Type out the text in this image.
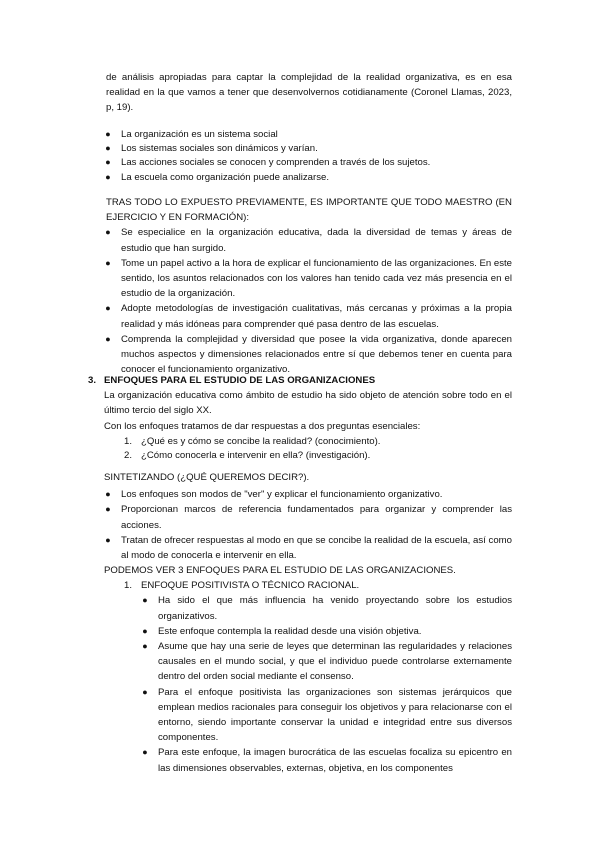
de análisis apropiadas para captar la complejidad de la realidad organizativa, es en esa realidad en la que vamos a tener que desenvolvernos cotidianamente (Coronel Llamas, 2023, p, 19).

● La organización es un sistema social

● Los sistemas sociales son dinámicos y varían.

● Las acciones sociales se conocen y comprenden a través de los sujetos.

● La escuela como organización puede analizarse.

TRAS TODO LO EXPUESTO PREVIAMENTE, ES IMPORTANTE QUE TODO MAESTRO (EN EJERCICIO Y EN FORMACIÓN):

● Se especialice en la organización educativa, dada la diversidad de temas y áreas de estudio que han surgido.

● Tome un papel activo a la hora de explicar el funcionamiento de las organizaciones. En este sentido, los asuntos relacionados con los valores han tenido cada vez más presencia en el estudio de la organización.

● Adopte metodologías de investigación cualitativas, más cercanas y próximas a la propia realidad y más idóneas para comprender qué pasa dentro de las escuelas.

● Comprenda la complejidad y diversidad que posee la vida organizativa, donde aparecen muchos aspectos y dimensiones relacionados entre sí que debemos tener en cuenta para conocer el funcionamiento organizativo.

3. ENFOQUES PARA EL ESTUDIO DE LAS ORGANIZACIONES

La organización educativa como ámbito de estudio ha sido objeto de atención sobre todo en el último tercio del siglo XX.

Con los enfoques tratamos de dar respuestas a dos preguntas esenciales:

1. ¿Qué es y cómo se concibe la realidad? (conocimiento).

2. ¿Cómo conocerla e intervenir en ella? (investigación).

SINTETIZANDO (¿QUÉ QUEREMOS DECIR?).

● Los enfoques son modos de "ver" y explicar el funcionamiento organizativo.

● Proporcionan marcos de referencia fundamentados para organizar y comprender las acciones.

● Tratan de ofrecer respuestas al modo en que se concibe la realidad de la escuela, así como al modo de conocerla e intervenir en ella.

PODEMOS VER 3 ENFOQUES PARA EL ESTUDIO DE LAS ORGANIZACIONES.

1. ENFOQUE POSITIVISTA O TÉCNICO RACIONAL.
● Ha sido el que más influencia ha venido proyectando sobre los estudios organizativos.

● Este enfoque contempla la realidad desde una visión objetiva.

● Asume que hay una serie de leyes que determinan las regularidades y relaciones causales en el mundo social, y que el individuo puede controlarse externamente dentro del orden social mediante el consenso.

● Para el enfoque positivista las organizaciones son sistemas jerárquicos que emplean medios racionales para conseguir los objetivos y para relacionarse con el entorno, siendo importante conservar la unidad e integridad entre sus diversos componentes.

● Para este enfoque, la imagen burocrática de las escuelas focaliza su epicentro en las dimensiones observables, externas, objetiva, en los componentes
